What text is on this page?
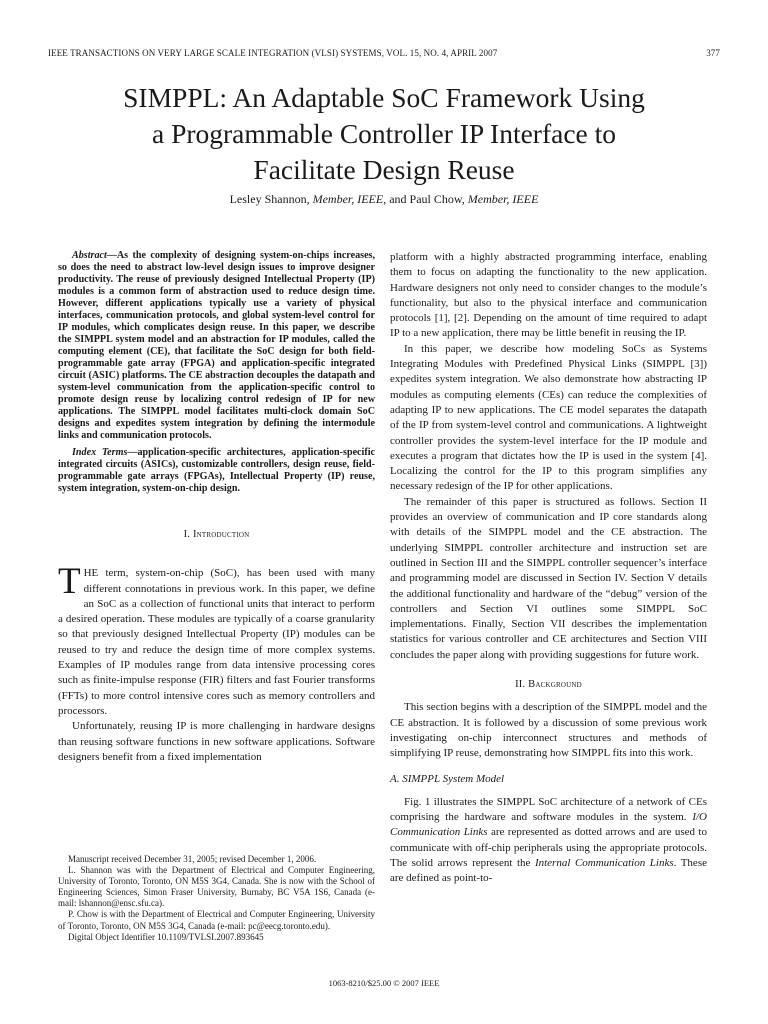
IEEE TRANSACTIONS ON VERY LARGE SCALE INTEGRATION (VLSI) SYSTEMS, VOL. 15, NO. 4, APRIL 2007	377
SIMPPL: An Adaptable SoC Framework Using
a Programmable Controller IP Interface to
Facilitate Design Reuse
Lesley Shannon, Member, IEEE, and Paul Chow, Member, IEEE

Abstract—As the complexity of designing system-on-chips increases, so does the need to abstract low-level design issues to improve designer productivity. The reuse of previously designed Intellectual Property (IP) modules is a common form of abstraction used to reduce design time. However, different applications typically use a variety of physical interfaces, communication protocols, and global system-level control for IP modules, which complicates design reuse. In this paper, we describe the SIMPPL system model and an abstraction for IP modules, called the computing element (CE), that facilitate the SoC design for both field-programmable gate array (FPGA) and application-specific integrated circuit (ASIC) platforms. The CE abstraction decouples the datapath and system-level communication from the application-specific control to promote design reuse by localizing control redesign of IP for new applications. The SIMPPL model facilitates multi-clock domain SoC designs and expedites system integration by defining the intermodule links and communication protocols.

Index Terms—application-specific architectures, application-specific integrated circuits (ASICs), customizable controllers, design reuse, field-programmable gate arrays (FPGAs), Intellectual Property (IP) reuse, system integration, system-on-chip design.

I. Introduction

THE term, system-on-chip (SoC), has been used with many different connotations in previous work. In this paper, we define an SoC as a collection of functional units that interact to perform a desired operation. These modules are typically of a coarse granularity so that previously designed Intellectual Property (IP) modules can be reused to try and reduce the design time of more complex systems. Examples of IP modules range from data intensive processing cores such as finite-impulse response (FIR) filters and fast Fourier transforms (FFTs) to more control intensive cores such as memory controllers and processors.

Unfortunately, reusing IP is more challenging in hardware designs than reusing software functions in new software applications. Software designers benefit from a fixed implementation

Manuscript received December 31, 2005; revised December 1, 2006.

L. Shannon was with the Department of Electrical and Computer Engineering, University of Toronto, Toronto, ON M5S 3G4, Canada. She is now with the School of Engineering Sciences, Simon Fraser University, Burnaby, BC V5A 1S6, Canada (e-mail: lshannon@ensc.sfu.ca).

P. Chow is with the Department of Electrical and Computer Engineering, University of Toronto, Toronto, ON M5S 3G4, Canada (e-mail: pc@eecg.toronto.edu).

Digital Object Identifier 10.1109/TVLSI.2007.893645

platform with a highly abstracted programming interface, enabling them to focus on adapting the functionality to the new application. Hardware designers not only need to consider changes to the module’s functionality, but also to the physical interface and communication protocols [1], [2]. Depending on the amount of time required to adapt IP to a new application, there may be little benefit in reusing the IP.

In this paper, we describe how modeling SoCs as Systems Integrating Modules with Predefined Physical Links (SIMPPL [3]) expedites system integration. We also demonstrate how abstracting IP modules as computing elements (CEs) can reduce the complexities of adapting IP to new applications. The CE model separates the datapath of the IP from system-level control and communications. A lightweight controller provides the system-level interface for the IP module and executes a program that dictates how the IP is used in the system [4]. Localizing the control for the IP to this program simplifies any necessary redesign of the IP for other applications.

The remainder of this paper is structured as follows. Section II provides an overview of communication and IP core standards along with details of the SIMPPL model and the CE abstraction. The underlying SIMPPL controller architecture and instruction set are outlined in Section III and the SIMPPL controller sequencer’s interface and programming model are discussed in Section IV. Section V details the additional functionality and hardware of the “debug” version of the controllers and Section VI outlines some SIMPPL SoC implementations. Finally, Section VII describes the implementation statistics for various controller and CE architectures and Section VIII concludes the paper along with providing suggestions for future work.

II. Background

This section begins with a description of the SIMPPL model and the CE abstraction. It is followed by a discussion of some previous work investigating on-chip interconnect structures and methods of simplifying IP reuse, demonstrating how SIMPPL fits into this work.

A. SIMPPL System Model

Fig. 1 illustrates the SIMPPL SoC architecture of a network of CEs comprising the hardware and software modules in the system. I/O Communication Links are represented as dotted arrows and are used to communicate with off-chip peripherals using the appropriate protocols. The solid arrows represent the Internal Communication Links. These are defined as point-to-

1063-8210/$25.00 © 2007 IEEE
